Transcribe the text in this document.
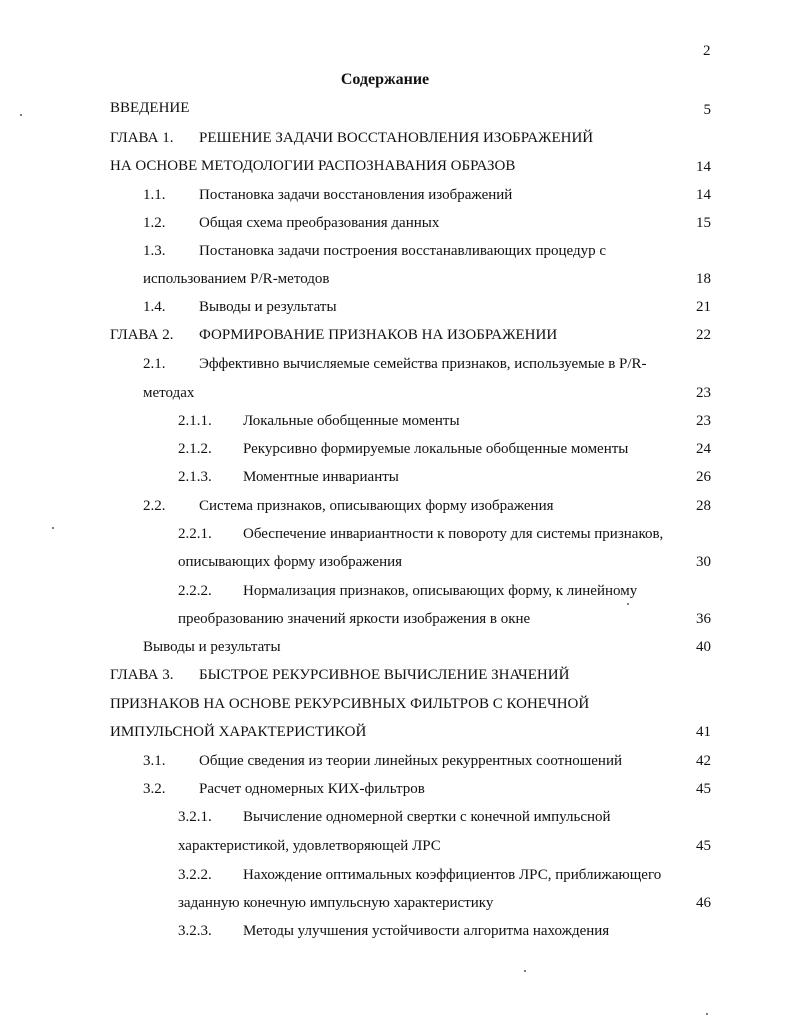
2
Содержание
ВВЕДЕНИЕ	5
ГЛАВА 1. РЕШЕНИЕ ЗАДАЧИ ВОССТАНОВЛЕНИЯ ИЗОБРАЖЕНИЙ
НА ОСНОВЕ МЕТОДОЛОГИИ РАСПОЗНАВАНИЯ ОБРАЗОВ	14
1.1. Постановка задачи восстановления изображений	14
1.2. Общая схема преобразования данных	15
1.3. Постановка задачи построения восстанавливающих процедур с
использованием P/R-методов	18
1.4. Выводы и результаты	21
ГЛАВА 2. ФОРМИРОВАНИЕ ПРИЗНАКОВ НА ИЗОБРАЖЕНИИ	22
2.1. Эффективно вычисляемые семейства признаков, используемые в P/R-
методах	23
2.1.1. Локальные обобщенные моменты	23
2.1.2. Рекурсивно формируемые локальные обобщенные моменты	24
2.1.3. Моментные инварианты	26
2.2. Система признаков, описывающих форму изображения	28
2.2.1. Обеспечение инвариантности к повороту для системы признаков,
описывающих форму изображения	30
2.2.2. Нормализация признаков, описывающих форму, к линейному
преобразованию значений яркости изображения в окне	36
Выводы и результаты	40
ГЛАВА 3. БЫСТРОЕ РЕКУРСИВНОЕ ВЫЧИСЛЕНИЕ ЗНАЧЕНИЙ
ПРИЗНАКОВ НА ОСНОВЕ РЕКУРСИВНЫХ ФИЛЬТРОВ С КОНЕЧНОЙ
ИМПУЛЬСНОЙ ХАРАКТЕРИСТИКОЙ	41
3.1. Общие сведения из теории линейных рекуррентных соотношений	42
3.2. Расчет одномерных КИХ-фильтров	45
3.2.1. Вычисление одномерной свертки с конечной импульсной
характеристикой, удовлетворяющей ЛРС	45
3.2.2. Нахождение оптимальных коэффициентов ЛРС, приближающего
заданную конечную импульсную характеристику	46
3.2.3. Методы улучшения устойчивости алгоритма нахождения
